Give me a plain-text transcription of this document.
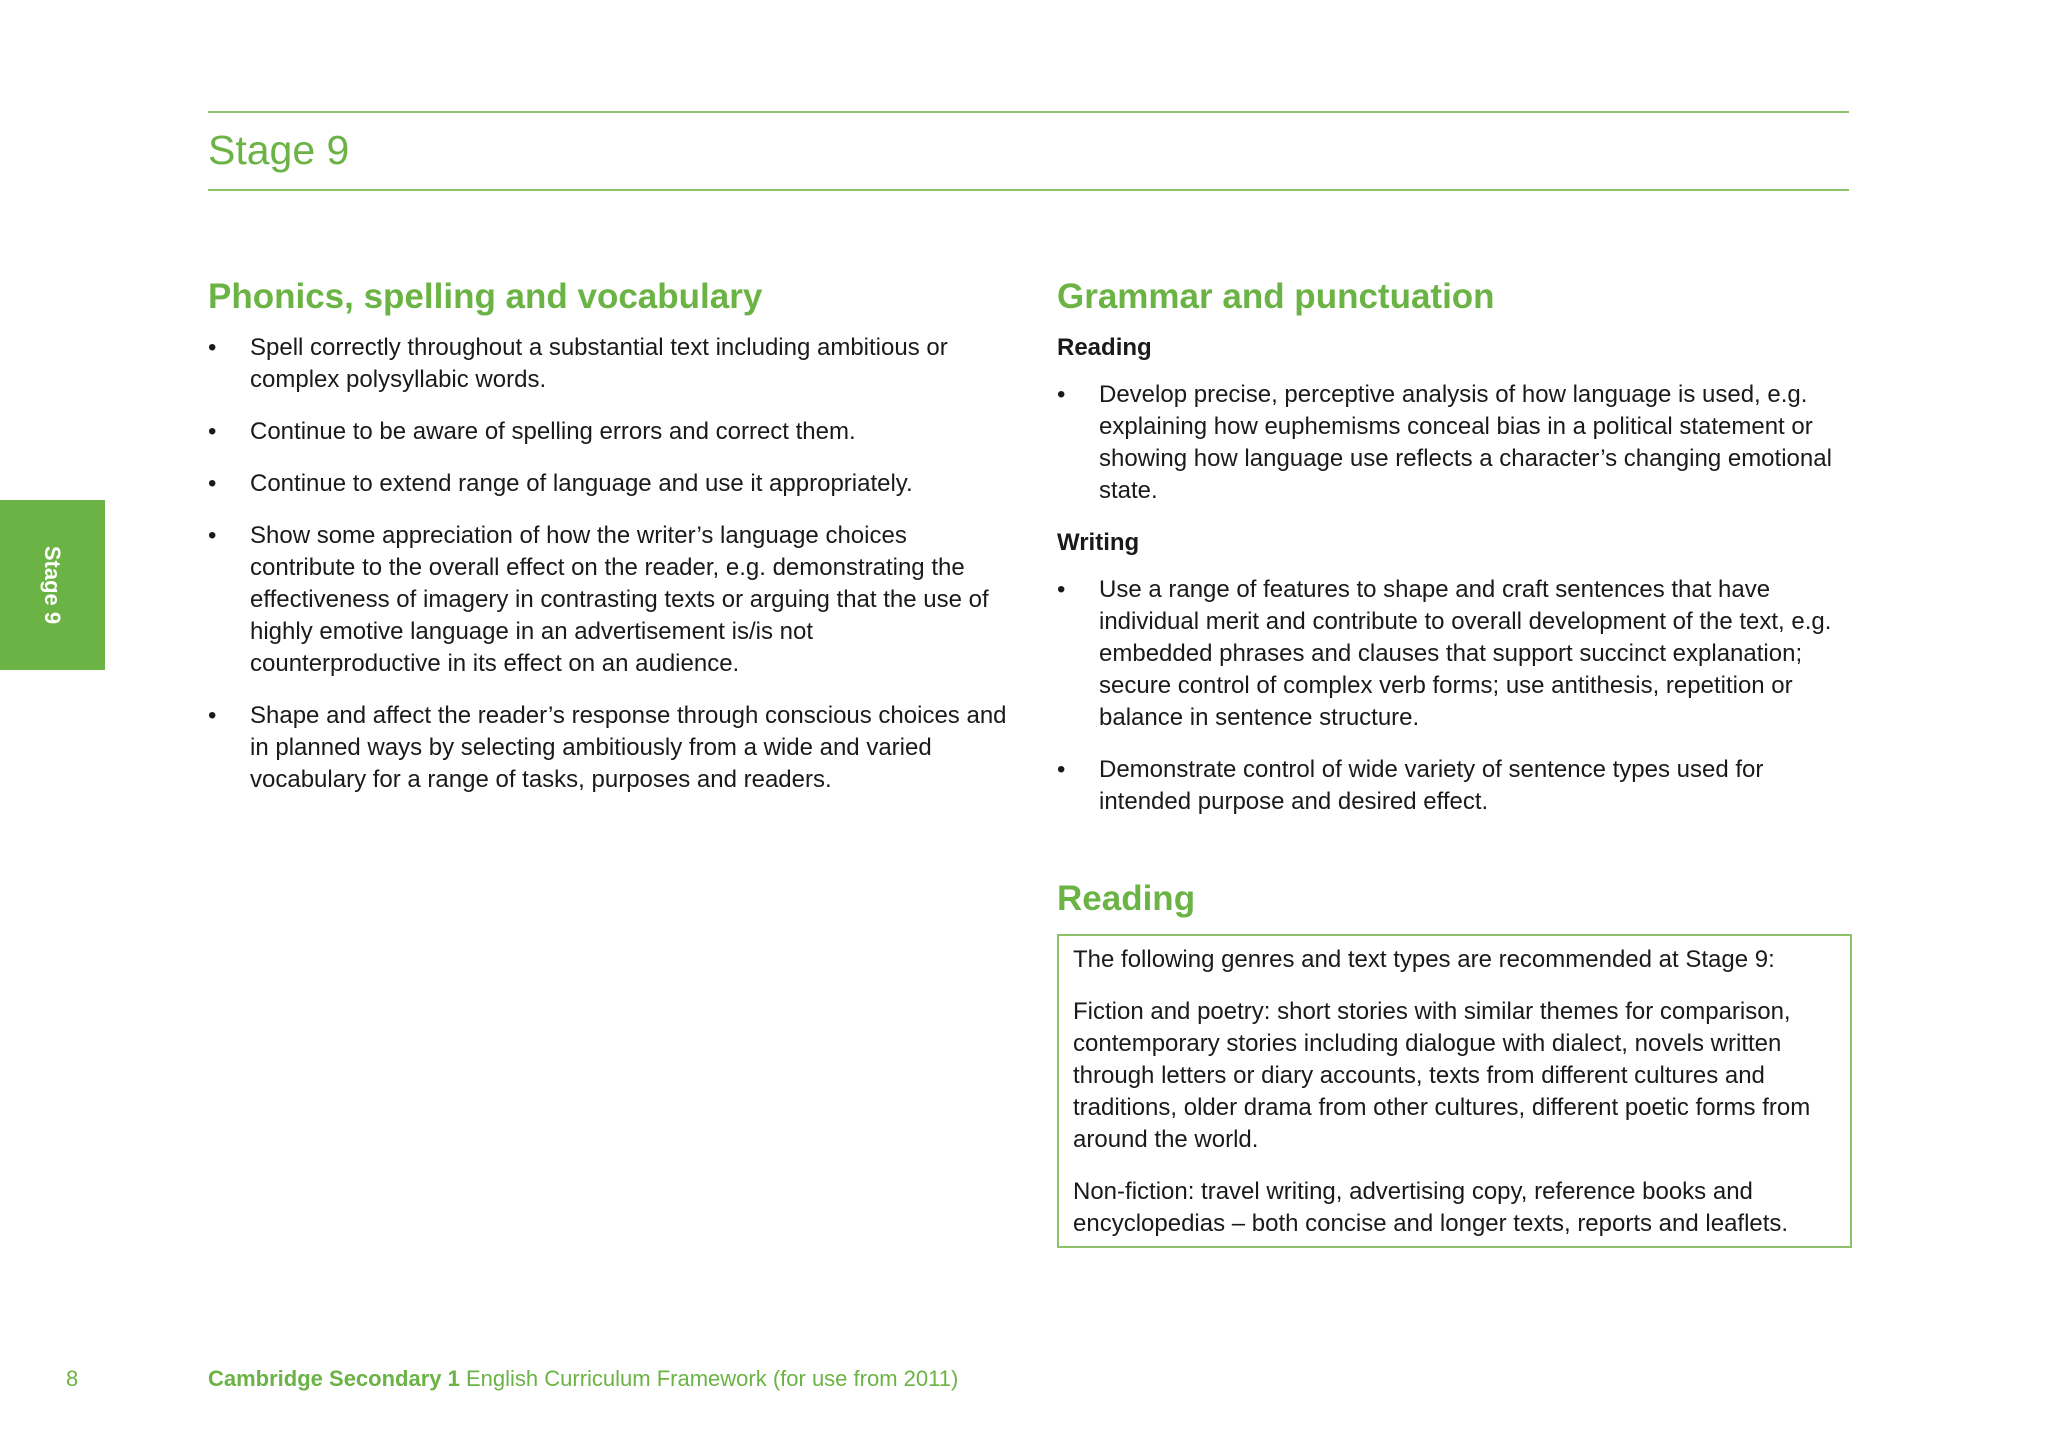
Stage 9
Stage 9
Phonics, spelling and vocabulary
• Spell correctly throughout a substantial text including ambitious or complex polysyllabic words.
• Continue to be aware of spelling errors and correct them.
• Continue to extend range of language and use it appropriately.
• Show some appreciation of how the writer’s language choices contribute to the overall effect on the reader, e.g. demonstrating the effectiveness of imagery in contrasting texts or arguing that the use of highly emotive language in an advertisement is/is not counterproductive in its effect on an audience.
• Shape and affect the reader’s response through conscious choices and in planned ways by selecting ambitiously from a wide and varied vocabulary for a range of tasks, purposes and readers.
Grammar and punctuation
Reading
• Develop precise, perceptive analysis of how language is used, e.g. explaining how euphemisms conceal bias in a political statement or showing how language use reflects a character’s changing emotional state.
Writing
• Use a range of features to shape and craft sentences that have individual merit and contribute to overall development of the text, e.g. embedded phrases and clauses that support succinct explanation; secure control of complex verb forms; use antithesis, repetition or balance in sentence structure.
• Demonstrate control of wide variety of sentence types used for intended purpose and desired effect.
Reading

The following genres and text types are recommended at Stage 9:

Fiction and poetry: short stories with similar themes for comparison, contemporary stories including dialogue with dialect, novels written through letters or diary accounts, texts from different cultures and traditions, older drama from other cultures, different poetic forms from around the world.

Non-fiction: travel writing, advertising copy, reference books and encyclopedias – both concise and longer texts, reports and leaflets.

8	Cambridge Secondary 1 English Curriculum Framework (for use from 2011)
